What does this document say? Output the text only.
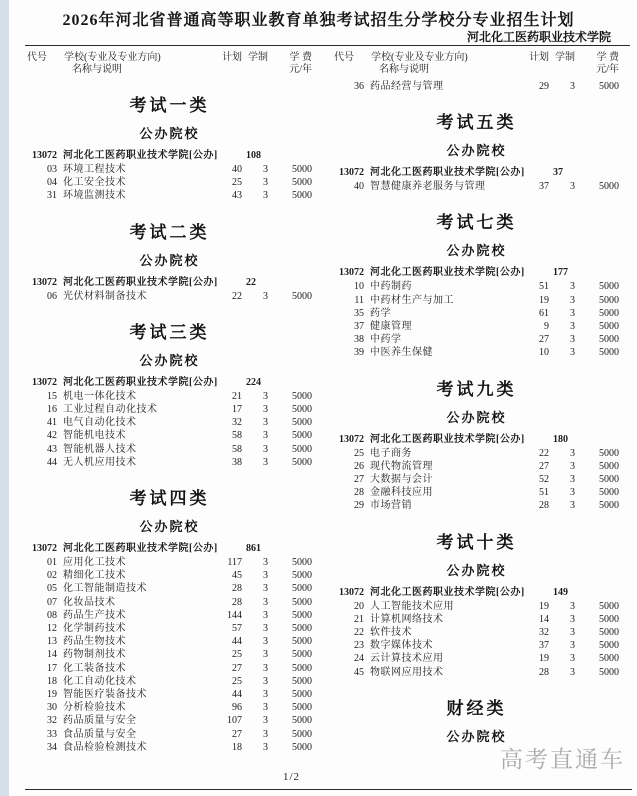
2026年河北省普通高等职业教育单独考试招生分学校分专业招生计划
河北化工医药职业技术学院
代号	学校(专业及专业方向)
名称与说明
计划 学制	学 费
元/年
考试一类
公办院校
13072 河北化工医药职业技术学院[公办]	108
03 环境工程技术	40	3	5000
04 化工安全技术	25	3	5000
31 环境监测技术	43	3	5000
考试二类
公办院校
13072 河北化工医药职业技术学院[公办]	22
06 光伏材料制备技术	22	3	5000
考试三类
公办院校
13072 河北化工医药职业技术学院[公办]	224
15 机电一体化技术	21	3	5000
16 工业过程自动化技术	17	3	5000
41 电气自动化技术	32	3	5000
42 智能机电技术	58	3	5000
43 智能机器人技术	58	3	5000
44 无人机应用技术	38	3	5000
考试四类
公办院校
13072 河北化工医药职业技术学院[公办]	861
01 应用化工技术	117	3	5000
02 精细化工技术	45	3	5000
05 化工智能制造技术	28	3	5000
07 化妆品技术	28	3	5000
08 药品生产技术	144	3	5000
12 化学制药技术	57	3	5000
13 药品生物技术	44	3	5000
14 药物制剂技术	25	3	5000
17 化工装备技术	27	3	5000
18 化工自动化技术	25	3	5000
19 智能医疗装备技术	44	3	5000
30 分析检验技术	96	3	5000
32 药品质量与安全	107	3	5000
33 食品质量与安全	27	3	5000
34 食品检验检测技术	18	3	5000
代号	学校(专业及专业方向)
名称与说明
计划 学制	学 费
元/年
36 药品经营与管理	29	3	5000
考试五类
公办院校
13072 河北化工医药职业技术学院[公办]	37
40 智慧健康养老服务与管理	37	3	5000
考试七类
公办院校
13072 河北化工医药职业技术学院[公办]	177
10 中药制药	51	3	5000
11 中药材生产与加工	19	3	5000
35 药学	61	3	5000
37 健康管理	9	3	5000
38 中药学	27	3	5000
39 中医养生保健	10	3	5000
考试九类
公办院校
13072 河北化工医药职业技术学院[公办]	180
25 电子商务	22	3	5000
26 现代物流管理	27	3	5000
27 大数据与会计	52	3	5000
28 金融科技应用	51	3	5000
29 市场营销	28	3	5000
考试十类
公办院校
13072 河北化工医药职业技术学院[公办]	149
20 人工智能技术应用	19	3	5000
21 计算机网络技术	14	3	5000
22 软件技术	32	3	5000
23 数字媒体技术	37	3	5000
24 云计算技术应用	19	3	5000
45 物联网应用技术	28	3	5000
财经类
公办院校
1/2
高考直通车
